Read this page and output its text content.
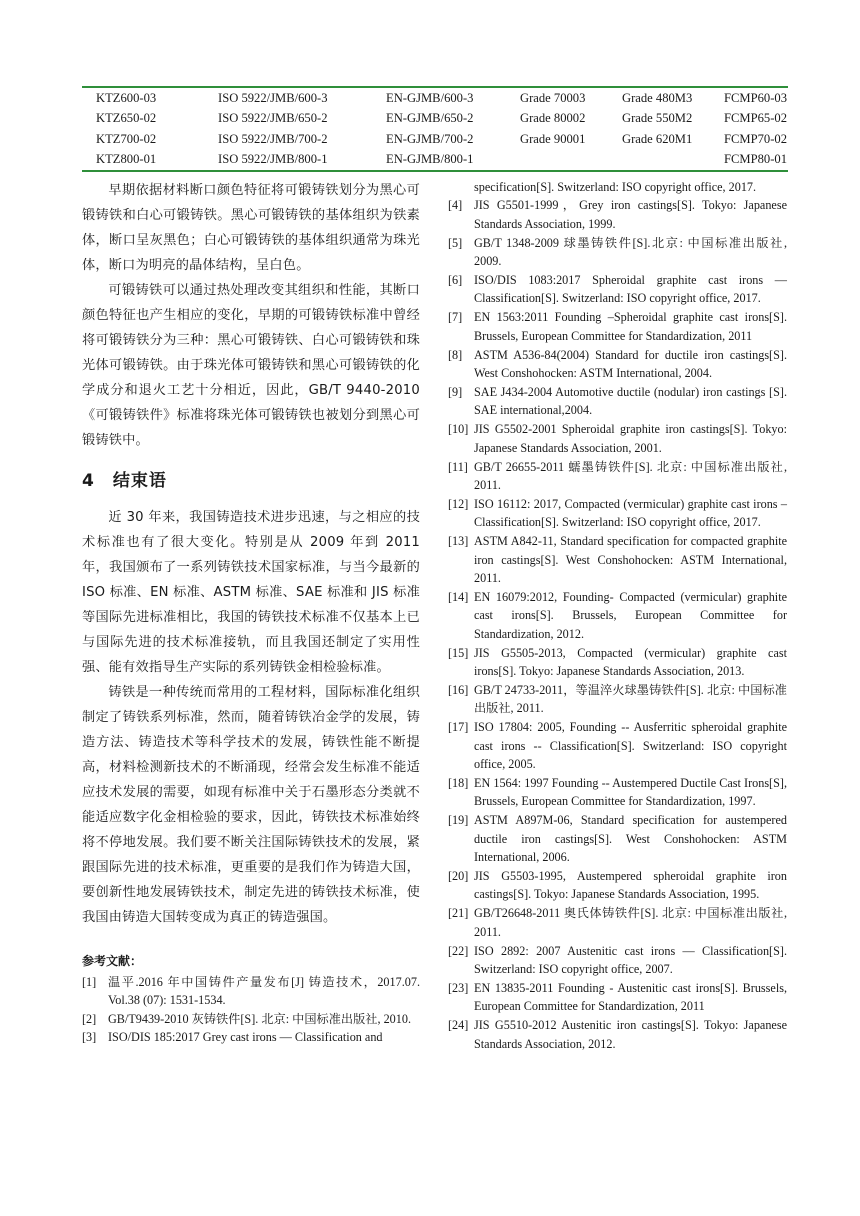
KTZ600-03	ISO 5922/JMB/600-3	EN-GJMB/600-3	Grade 70003	Grade 480M3	FCMP60-03
KTZ650-02	ISO 5922/JMB/650-2	EN-GJMB/650-2	Grade 80002	Grade 550M2	FCMP65-02
KTZ700-02	ISO 5922/JMB/700-2	EN-GJMB/700-2	Grade 90001	Grade 620M1	FCMP70-02
KTZ800-01	ISO 5922/JMB/800-1	EN-GJMB/800-1			FCMP80-01

早期依据材料断口颜色特征将可锻铸铁划分为黑心可锻铸铁和白心可锻铸铁。黑心可锻铸铁的基体组织为铁素体，断口呈灰黑色；白心可锻铸铁的基体组织通常为珠光体，断口为明亮的晶体结构，呈白色。

可锻铸铁可以通过热处理改变其组织和性能，其断口颜色特征也产生相应的变化，早期的可锻铸铁标准中曾经将可锻铸铁分为三种：黑心可锻铸铁、白心可锻铸铁和珠光体可锻铸铁。由于珠光体可锻铸铁和黑心可锻铸铁的化学成分和退火工艺十分相近，因此，GB/T 9440-2010《可锻铸铁件》标准将珠光体可锻铸铁也被划分到黑心可锻铸铁中。

4 结束语

近 30 年来，我国铸造技术进步迅速，与之相应的技术标准也有了很大变化。特别是从 2009 年到 2011 年，我国颁布了一系列铸铁技术国家标准，与当今最新的 ISO 标准、EN 标准、ASTM 标准、SAE 标准和 JIS 标准等国际先进标准相比，我国的铸铁技术标准不仅基本上已与国际先进的技术标准接轨，而且我国还制定了实用性强、能有效指导生产实际的系列铸铁金相检验标准。

铸铁是一种传统而常用的工程材料，国际标准化组织制定了铸铁系列标准，然而，随着铸铁冶金学的发展，铸造方法、铸造技术等科学技术的发展，铸铁性能不断提高，材料检测新技术的不断涌现，经常会发生标准不能适应技术发展的需要，如现有标准中关于石墨形态分类就不能适应数字化金相检验的要求，因此，铸铁技术标准始终将不停地发展。我们要不断关注国际铸铁技术的发展，紧跟国际先进的技术标准，更重要的是我们作为铸造大国，要创新性地发展铸铁技术，制定先进的铸铁技术标准，使我国由铸造大国转变成为真正的铸造强国。

参考文献：
[1] 温平.2016 年中国铸件产量发布[J] 铸造技术，2017.07. Vol.38 (07): 1531-1534.
[2] GB/T9439-2010 灰铸铁件[S]. 北京: 中国标准出版社, 2010.
[3] ISO/DIS 185:2017 Grey cast irons — Classification and
specification[S]. Switzerland: ISO copyright office, 2017.
[4] JIS G5501-1999，Grey iron castings[S]. Tokyo: Japanese Standards Association, 1999.
[5] GB/T 1348-2009 球墨铸铁件[S].北京: 中国标准出版社, 2009.
[6] ISO/DIS 1083:2017 Spheroidal graphite cast irons —Classification[S]. Switzerland: ISO copyright office, 2017.
[7] EN 1563:2011 Founding –Spheroidal graphite cast irons[S]. Brussels, European Committee for Standardization, 2011
[8] ASTM A536-84(2004) Standard for ductile iron castings[S]. West Conshohocken: ASTM International, 2004.
[9] SAE J434-2004 Automotive ductile (nodular) iron castings [S]. SAE international,2004.
[10] JIS G5502-2001 Spheroidal graphite iron castings[S]. Tokyo: Japanese Standards Association, 2001.
[11] GB/T 26655-2011 蠕墨铸铁件[S]. 北京: 中国标准出版社, 2011.
[12] ISO 16112: 2017, Compacted (vermicular) graphite cast irons – Classification[S]. Switzerland: ISO copyright office, 2017.
[13] ASTM A842-11, Standard specification for compacted graphite iron castings[S]. West Conshohocken: ASTM International, 2011.
[14] EN 16079:2012, Founding- Compacted (vermicular) graphite cast irons[S]. Brussels, European Committee for Standardization, 2012.
[15] JIS G5505-2013, Compacted (vermicular) graphite cast irons[S]. Tokyo: Japanese Standards Association, 2013.
[16] GB/T 24733-2011，等温淬火球墨铸铁件[S]. 北京: 中国标准出版社, 2011.
[17] ISO 17804: 2005, Founding -- Ausferritic spheroidal graphite cast irons -- Classification[S]. Switzerland: ISO copyright office, 2005.
[18] EN 1564: 1997 Founding -- Austempered Ductile Cast Irons[S], Brussels, European Committee for Standardization, 1997.
[19] ASTM A897M-06, Standard specification for austempered ductile iron castings[S]. West Conshohocken: ASTM International, 2006.
[20] JIS G5503-1995, Austempered spheroidal graphite iron castings[S]. Tokyo: Japanese Standards Association, 1995.
[21] GB/T26648-2011 奥氏体铸铁件[S]. 北京: 中国标准出版社, 2011.
[22] ISO 2892: 2007 Austenitic cast irons — Classification[S]. Switzerland: ISO copyright office, 2007.
[23] EN 13835-2011 Founding - Austenitic cast irons[S]. Brussels, European Committee for Standardization, 2011
[24] JIS G5510-2012 Austenitic iron castings[S]. Tokyo: Japanese Standards Association, 2012.
